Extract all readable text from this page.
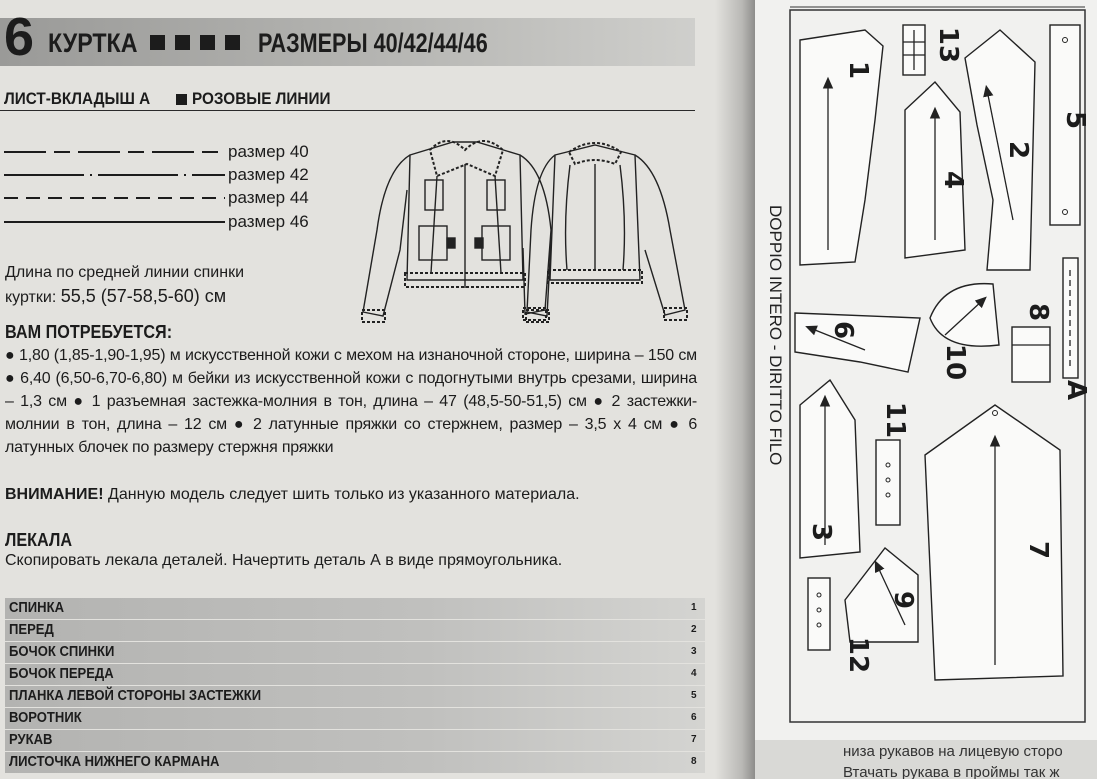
6 КУРТКА	РАЗМЕРЫ 40/42/44/46
ЛИСТ-ВКЛАДЫШ А РОЗОВЫЕ ЛИНИИ
размер 40
размер 42
размер 44
размер 46
Длина по средней линии спинки
куртки: 55,5 (57-58,5-60) см
ВАМ ПОТРЕБУЕТСЯ:

● 1,80 (1,85-1,90-1,95) м искусственной кожи с мехом на изнаночной стороне, ширина – 150 см ● 6,40 (6,50-6,70-6,80) м бейки из искусственной кожи с подогнутыми внутрь срезами, ширина – 1,3 см ● 1 разъемная застежка-молния в тон, длина – 47 (48,5-50-51,5) см ● 2 застежки-молнии в тон, длина – 12 см ● 2 латунные пряжки со стержнем, размер – 3,5 х 4 см ● 6 латунных блочек по размеру стержня пряжки

ВНИМАНИЕ! Данную модель следует шить только из указанного материала.
ЛЕКАЛА
Скопировать лекала деталей. Начертить деталь А в виде прямоугольника.
СПИНКА	1
ПЕРЕД	2
БОЧОК СПИНКИ	3
БОЧОК ПЕРЕДА	4
ПЛАНКА ЛЕВОЙ СТОРОНЫ ЗАСТЕЖКИ	5
ВОРОТНИК	6
РУКАВ	7
ЛИСТОЧКА НИЖНЕГО КАРМАНА	8
DOPPIO INTERO - DIRITTO FILO
1
13
2
5
4
10
8
A
6
11
3
7
9
12
низа рукавов на лицевую сторо
Втачать рукава в проймы так ж
